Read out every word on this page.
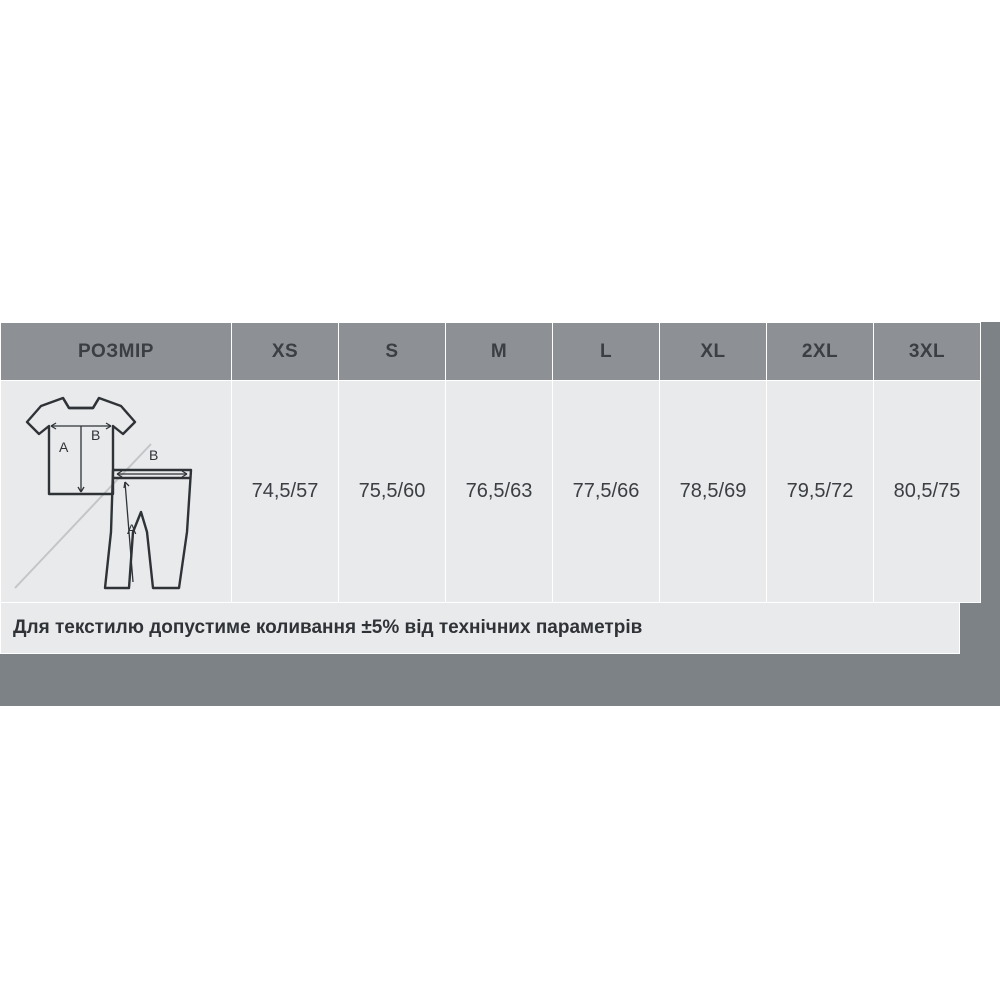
РОЗМІР	XS	S	M	L	XL	2XL	3XL

A
B
B
A	74,5/57	75,5/60	76,5/63	77,5/66	78,5/69	79,5/72	80,5/75
Для текстилю допустиме коливання ±5% від технічних параметрів
